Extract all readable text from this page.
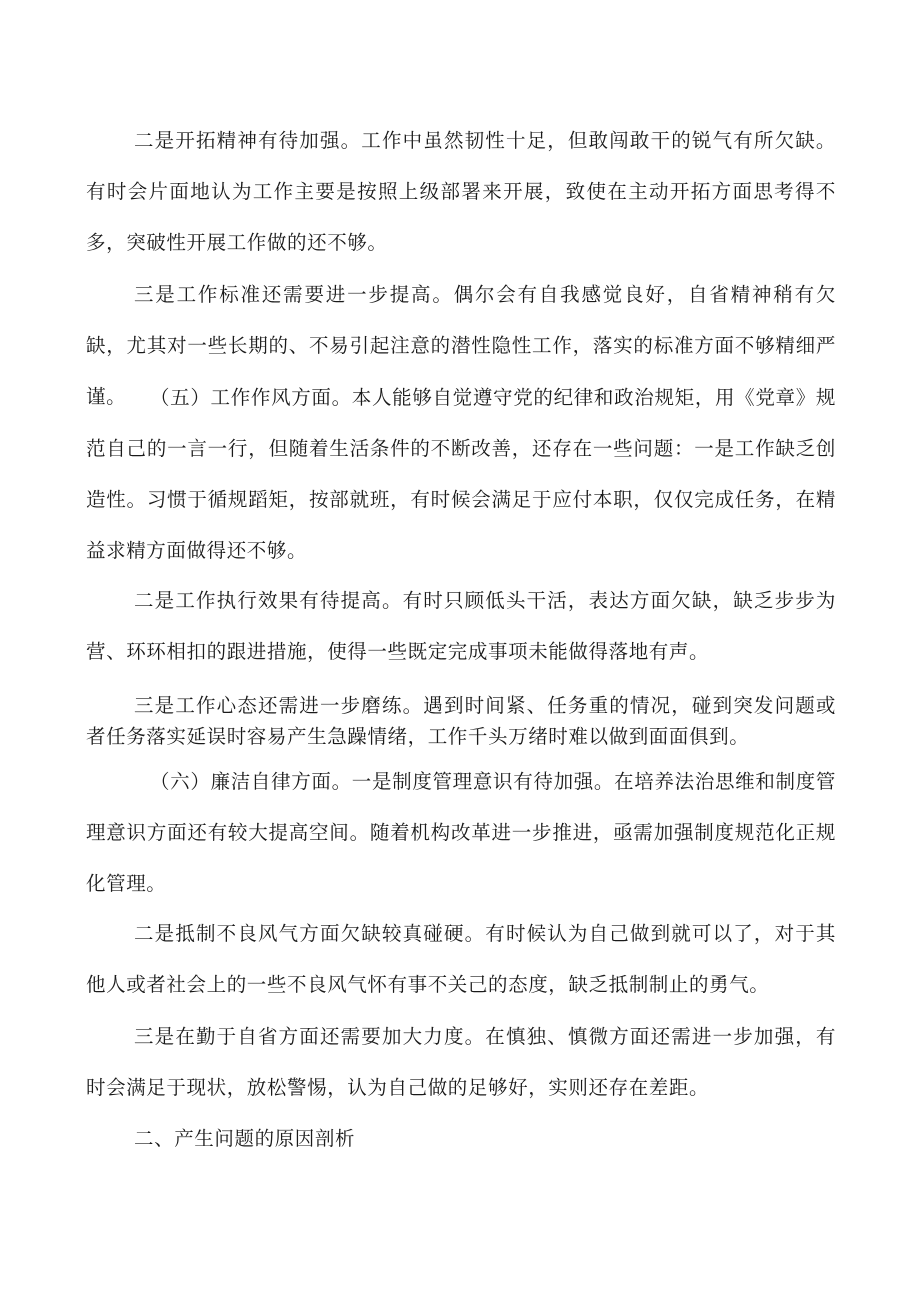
二是开拓精神有待加强。工作中虽然韧性十足，但敢闯敢干的锐气有所欠缺。有时会片面地认为工作主要是按照上级部署来开展，致使在主动开拓方面思考得不多，突破性开展工作做的还不够。

三是工作标准还需要进一步提高。偶尔会有自我感觉良好，自省精神稍有欠缺，尤其对一些长期的、不易引起注意的潜性隐性工作，落实的标准方面不够精细严谨。	（五）工作作风方面。本人能够自觉遵守党的纪律和政治规矩，用《党章》规范自己的一言一行，但随着生活条件的不断改善，还存在一些问题：一是工作缺乏创造性。习惯于循规蹈矩，按部就班，有时候会满足于应付本职，仅仅完成任务，在精益求精方面做得还不够。

二是工作执行效果有待提高。有时只顾低头干活，表达方面欠缺，缺乏步步为营、环环相扣的跟进措施，使得一些既定完成事项未能做得落地有声。

三是工作心态还需进一步磨练。遇到时间紧、任务重的情况，碰到突发问题或者任务落实延误时容易产生急躁情绪，工作千头万绪时难以做到面面俱到。

（六）廉洁自律方面。一是制度管理意识有待加强。在培养法治思维和制度管理意识方面还有较大提高空间。随着机构改革进一步推进，亟需加强制度规范化正规化管理。

二是抵制不良风气方面欠缺较真碰硬。有时候认为自己做到就可以了，对于其他人或者社会上的一些不良风气怀有事不关己的态度，缺乏抵制制止的勇气。

三是在勤于自省方面还需要加大力度。在慎独、慎微方面还需进一步加强，有时会满足于现状，放松警惕，认为自己做的足够好，实则还存在差距。

二、产生问题的原因剖析
